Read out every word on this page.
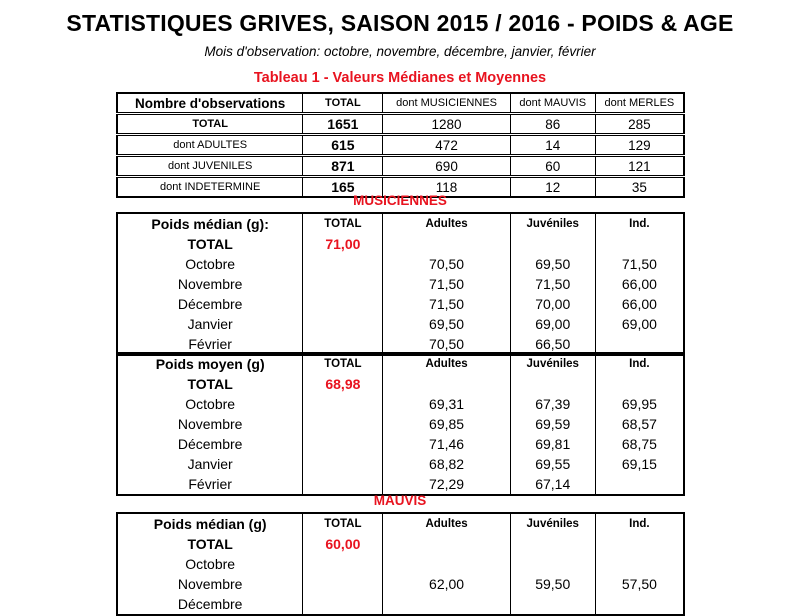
STATISTIQUES GRIVES, SAISON 2015 / 2016 - POIDS & AGE
Mois d'observation: octobre, novembre, décembre, janvier, février
Tableau 1 - Valeurs Médianes et Moyennes
Nombre d'observations	TOTAL	dont MUSICIENNES	dont MAUVIS	dont MERLES
TOTAL	1651	1280	86	285
dont ADULTES	615	472	14	129
dont JUVENILES	871	690	60	121
dont INDETERMINE	165	118	12	35
MUSICIENNES
Poids médian (g):	TOTAL	Adultes	Juvéniles	Ind.
TOTAL	71,00			
Octobre		70,50	69,50	71,50
Novembre		71,50	71,50	66,00
Décembre		71,50	70,00	66,00
Janvier		69,50	69,00	69,00
Février		70,50	66,50	
Poids moyen (g)	TOTAL	Adultes	Juvéniles	Ind.
TOTAL	68,98			
Octobre		69,31	67,39	69,95
Novembre		69,85	69,59	68,57
Décembre		71,46	69,81	68,75
Janvier		68,82	69,55	69,15
Février		72,29	67,14	
MAUVIS
Poids médian (g)	TOTAL	Adultes	Juvéniles	Ind.
TOTAL	60,00			
Octobre				
Novembre		62,00	59,50	57,50
Décembre				
